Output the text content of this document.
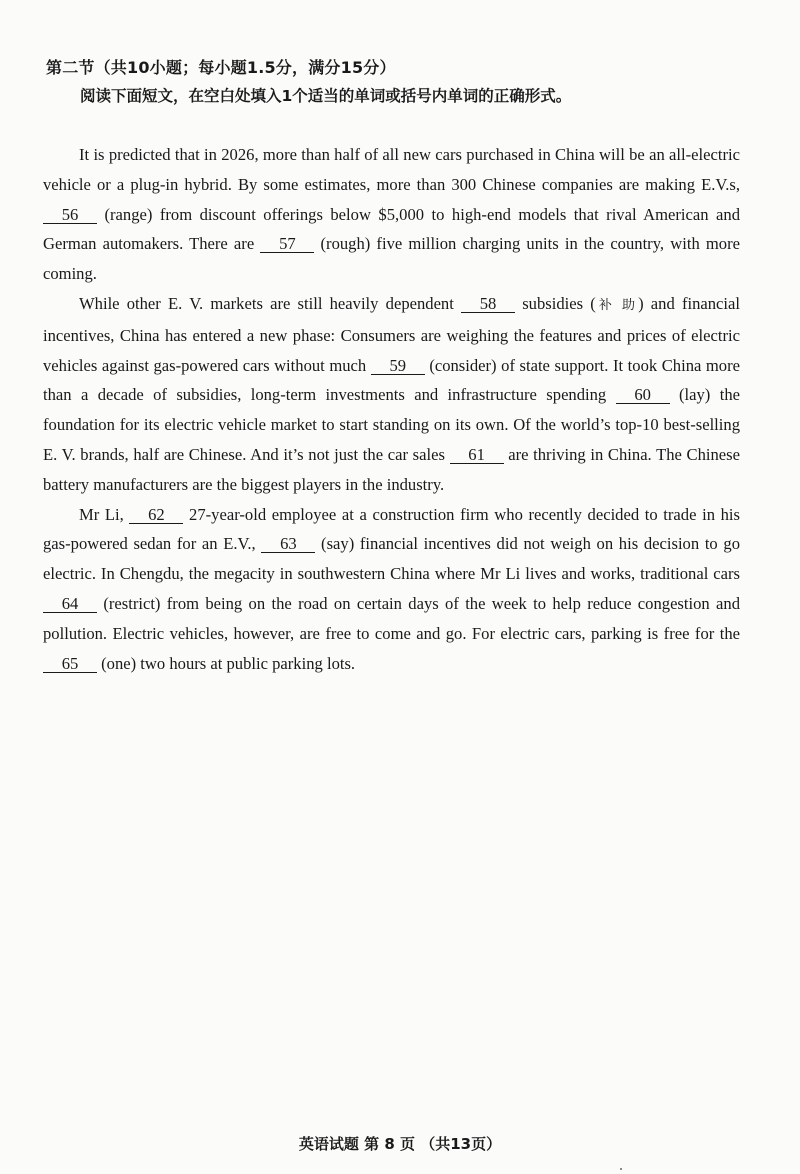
第二节（共10小题；每小题1.5分，满分15分）
阅读下面短文，在空白处填入1个适当的单词或括号内单词的正确形式。

It is predicted that in 2026, more than half of all new cars purchased in China will be an all-electric vehicle or a plug-in hybrid. By some estimates, more than 300 Chinese companies are making E.V.s, 56 (range) from discount offerings below $5,000 to high-end models that rival American and German automakers. There are 57 (rough) five million charging units in the country, with more coming.

While other E. V. markets are still heavily dependent 58 subsidies (补 助) and financial incentives, China has entered a new phase: Consumers are weighing the features and prices of electric vehicles against gas-powered cars without much 59 (consider) of state support. It took China more than a decade of subsidies, long-term investments and infrastructure spending 60 (lay) the foundation for its electric vehicle market to start standing on its own. Of the world’s top-10 best-selling E. V. brands, half are Chinese. And it’s not just the car sales 61 are thriving in China. The Chinese battery manufacturers are the biggest players in the industry.

Mr Li, 62 27-year-old employee at a construction firm who recently decided to trade in his gas-powered sedan for an E.V., 63 (say) financial incentives did not weigh on his decision to go electric. In Chengdu, the megacity in southwestern China where Mr Li lives and works, traditional cars 64 (restrict) from being on the road on certain days of the week to help reduce congestion and pollution. Electric vehicles, however, are free to come and go. For electric cars, parking is free for the 65 (one) two hours at public parking lots.

英语试题 第 8 页 （共13页）
